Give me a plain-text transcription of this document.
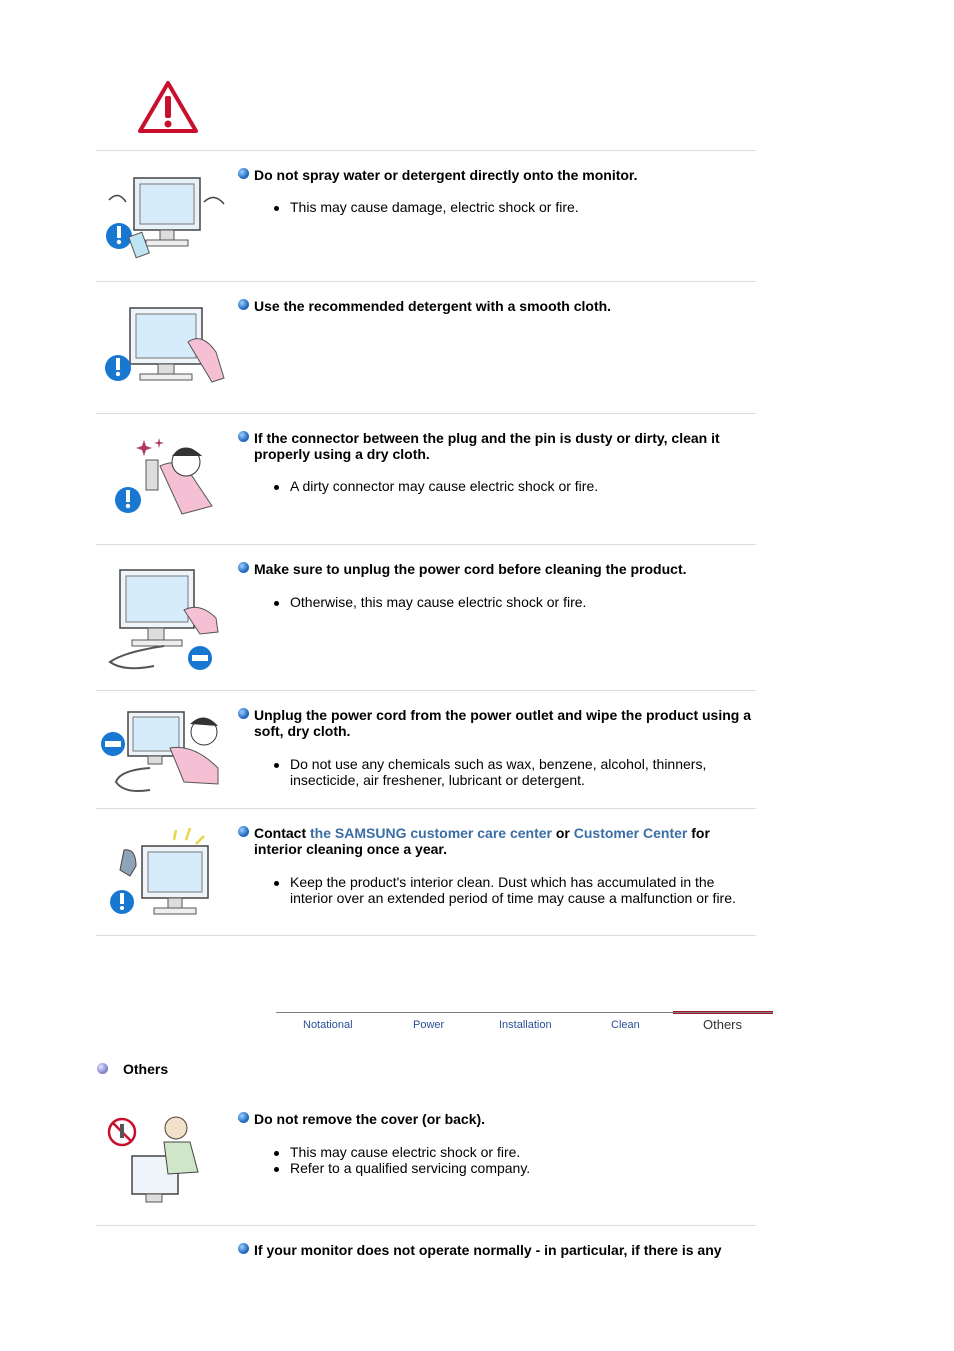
Do not spray water or detergent directly onto the monitor.
This may cause damage, electric shock or fire.
Use the recommended detergent with a smooth cloth.
If the connector between the plug and the pin is dusty or dirty, clean it properly using a dry cloth.
A dirty connector may cause electric shock or fire.
Make sure to unplug the power cord before cleaning the product.
Otherwise, this may cause electric shock or fire.
Unplug the power cord from the power outlet and wipe the product using a soft, dry cloth.
Do not use any chemicals such as wax, benzene, alcohol, thinners, insecticide, air freshener, lubricant or detergent.
Contact the SAMSUNG customer care center or Customer Center for interior cleaning once a year.
Keep the product's interior clean. Dust which has accumulated in the interior over an extended period of time may cause a malfunction or fire.
Notational	Power	Installation	Clean	Others
Others
Do not remove the cover (or back).
This may cause electric shock or fire.
Refer to a qualified servicing company.
If your monitor does not operate normally - in particular, if there is any
